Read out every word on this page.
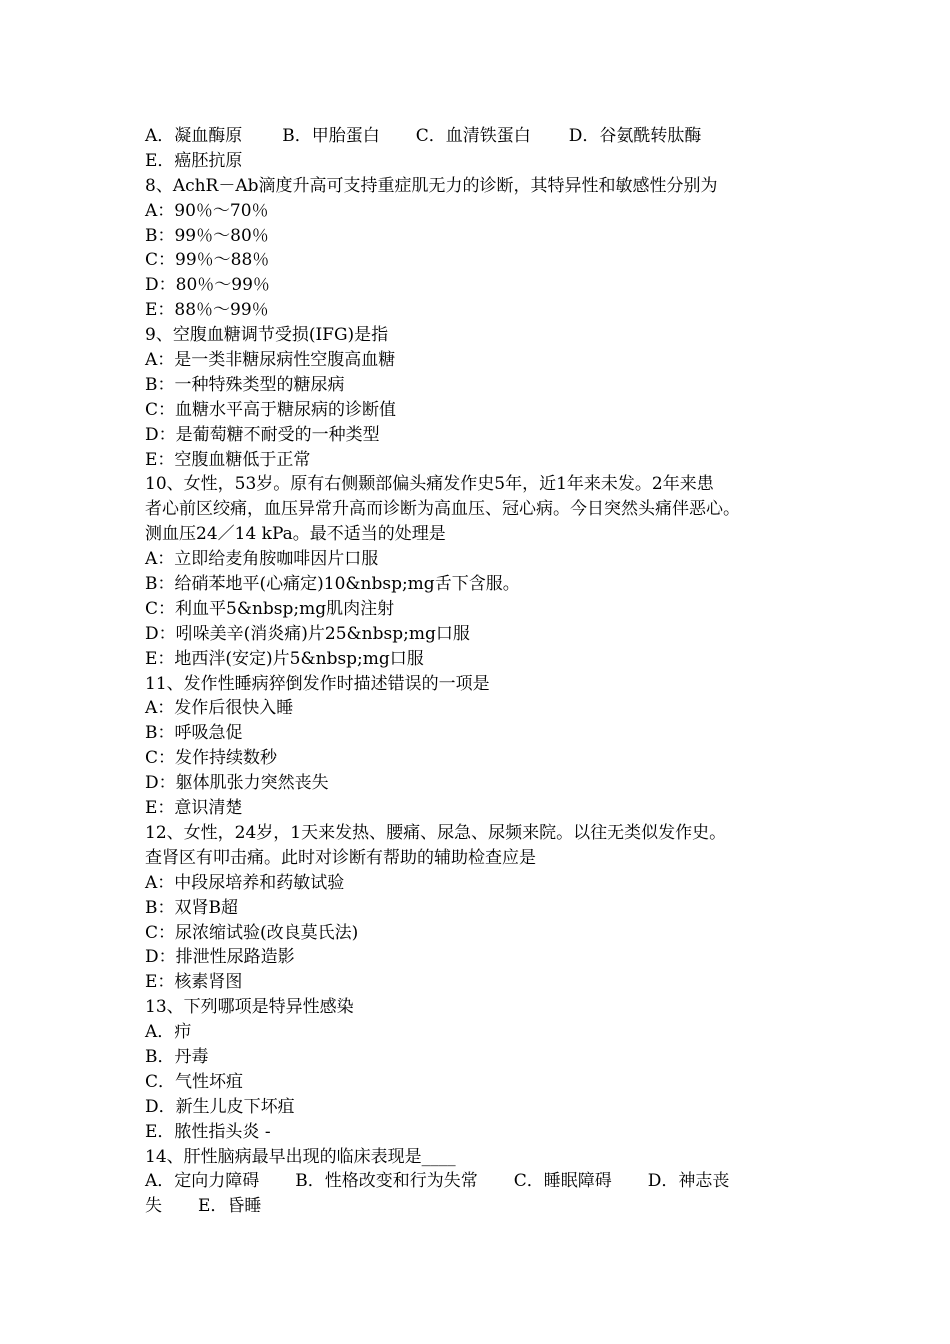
A．凝血酶原 B．甲胎蛋白 C．血清铁蛋白 D．谷氨酰转肽酶
E．癌胚抗原
8、AchR－Ab滴度升高可支持重症肌无力的诊断，其特异性和敏感性分别为
A：90％～70％
B：99％～80％
C：99％～88％
D：80％～99％
E：88％～99％
9、空腹血糖调节受损(IFG)是指
A：是一类非糖尿病性空腹高血糖
B：一种特殊类型的糖尿病
C：血糖水平高于糖尿病的诊断值
D：是葡萄糖不耐受的一种类型
E：空腹血糖低于正常
10、女性，53岁。原有右侧颞部偏头痛发作史5年，近1年来未发。2年来患
者心前区绞痛，血压异常升高而诊断为高血压、冠心病。今日突然头痛伴恶心。
测血压24／14 kPa。最不适当的处理是
A：立即给麦角胺咖啡因片口服
B：给硝苯地平(心痛定)10&nbsp;mg舌下含服。
C：利血平5&nbsp;mg肌肉注射
D：吲哚美辛(消炎痛)片25&nbsp;mg口服
E：地西泮(安定)片5&nbsp;mg口服
11、发作性睡病猝倒发作时描述错误的一项是
A：发作后很快入睡
B：呼吸急促
C：发作持续数秒
D：躯体肌张力突然丧失
E：意识清楚
12、女性，24岁，1天来发热、腰痛、尿急、尿频来院。以往无类似发作史。
查肾区有叩击痛。此时对诊断有帮助的辅助检查应是
A：中段尿培养和药敏试验
B：双肾B超
C：尿浓缩试验(改良莫氏法)
D：排泄性尿路造影
E：核素肾图
13、下列哪项是特异性感染
A．疖
B．丹毒
C．气性坏疽
D．新生儿皮下坏疽
E．脓性指头炎 -
14、肝性脑病最早出现的临床表现是____
A．定向力障碍 B．性格改变和行为失常 C．睡眠障碍 D．神志丧
失 E．昏睡
